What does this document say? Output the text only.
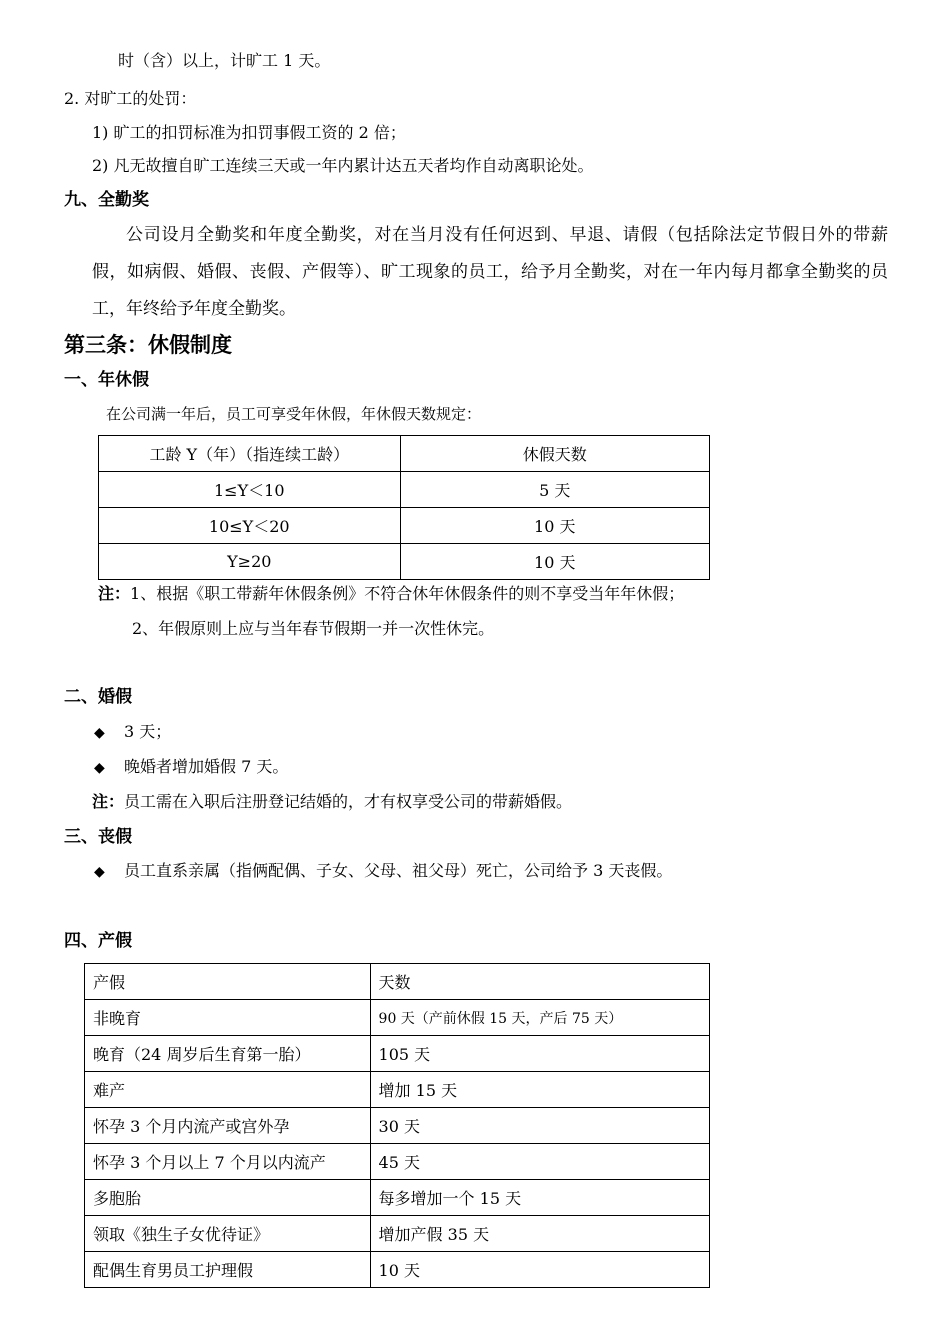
时（含）以上，计旷工 1 天。
2. 对旷工的处罚：
1) 旷工的扣罚标准为扣罚事假工资的 2 倍；
2) 凡无故擅自旷工连续三天或一年内累计达五天者均作自动离职论处。
九、全勤奖
公司设月全勤奖和年度全勤奖，对在当月没有任何迟到、早退、请假（包括除法定节假日外的带薪假，如病假、婚假、丧假、产假等）、旷工现象的员工，给予月全勤奖，对在一年内每月都拿全勤奖的员工，年终给予年度全勤奖。
第三条：休假制度
一、年休假
在公司满一年后，员工可享受年休假，年休假天数规定：
工龄 Y（年）（指连续工龄）	休假天数
1≤Y＜10	5 天
10≤Y＜20	10 天
Y≥20	10 天
注：1、根据《职工带薪年休假条例》不符合休年休假条件的则不享受当年年休假；
2、年假原则上应与当年春节假期一并一次性休完。
二、婚假
◆ 3 天；
◆ 晚婚者增加婚假 7 天。
注：员工需在入职后注册登记结婚的，才有权享受公司的带薪婚假。
三、丧假
◆ 员工直系亲属（指俩配偶、子女、父母、祖父母）死亡，公司给予 3 天丧假。
四、产假
产假	天数
非晚育	90 天（产前休假 15 天，产后 75 天）
晚育（24 周岁后生育第一胎）	105 天
难产	增加 15 天
怀孕 3 个月内流产或宫外孕	30 天
怀孕 3 个月以上 7 个月以内流产	45 天
多胞胎	每多增加一个 15 天
领取《独生子女优待证》	增加产假 35 天
配偶生育男员工护理假	10 天
